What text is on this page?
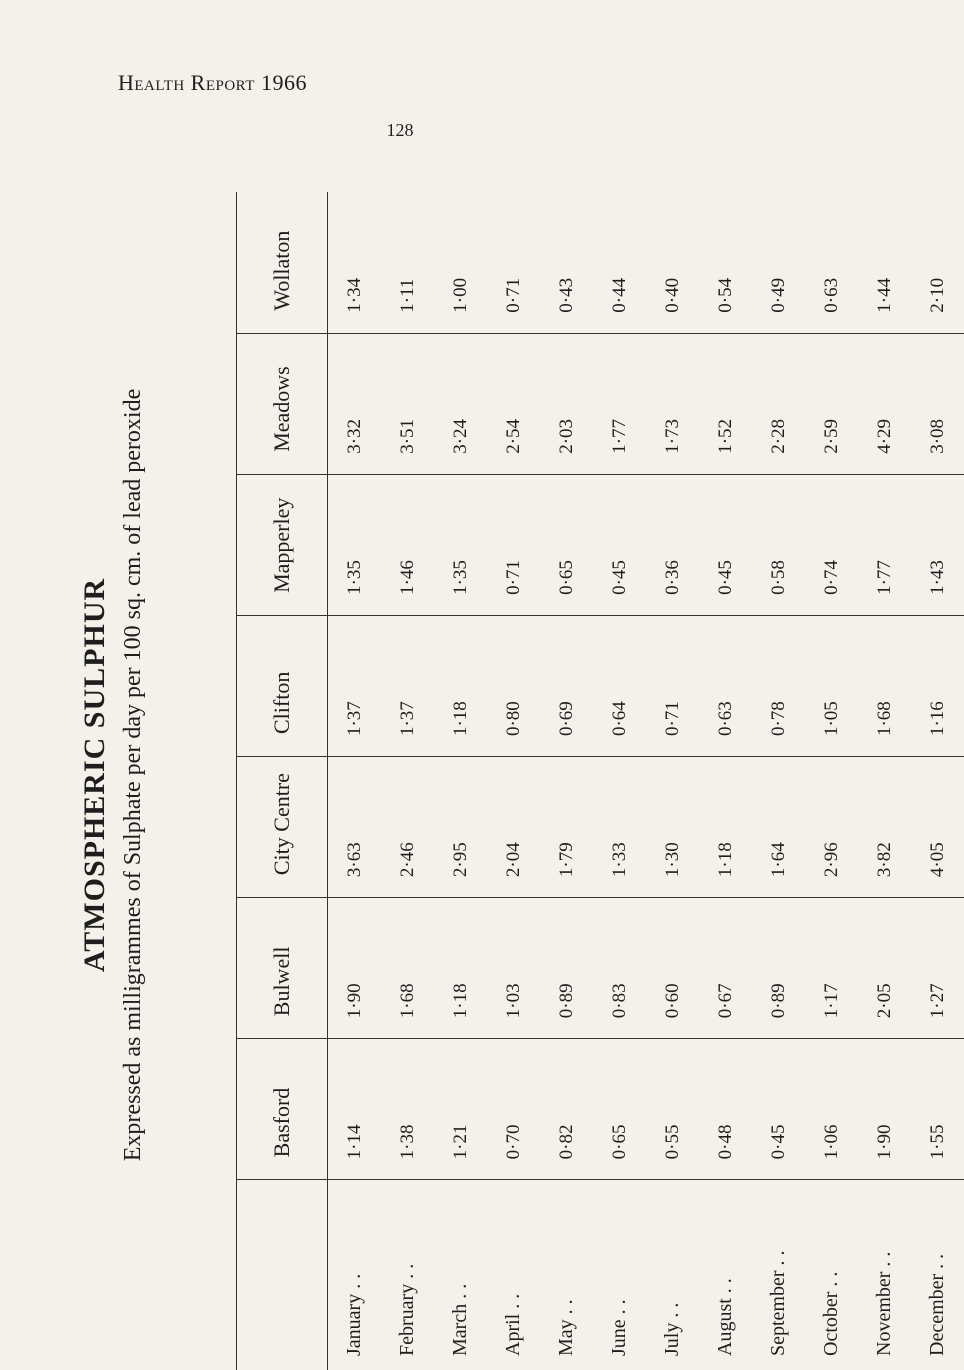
Health Report 1966
128
ATMOSPHERIC SULPHUR Expressed as milligrammes of Sulphate per day per 100 sq. cm. of lead peroxide
		Basford	Bulwell	City Centre	Clifton	Mapperley	Meadows	Wollaton
January . .	1·14	1·90	3·63	1·37	1·35	3·32	1·34
February . .	1·38	1·68	2·46	1·37	1·46	3·51	1·11
March . .	1·21	1·18	2·95	1·18	1·35	3·24	1·00
April . .	0·70	1·03	2·04	0·80	0·71	2·54	0·71
May . .	0·82	0·89	1·79	0·69	0·65	2·03	0·43
June . .	0·65	0·83	1·33	0·64	0·45	1·77	0·44
July . .	0·55	0·60	1·30	0·71	0·36	1·73	0·40
August . .	0·48	0·67	1·18	0·63	0·45	1·52	0·54
September . .	0·45	0·89	1·64	0·78	0·58	2·28	0·49
October . .	1·06	1·17	2·96	1·05	0·74	2·59	0·63
November . .	1·90	2·05	3·82	1·68	1·77	4·29	1·44
December . .	1·55	1·27	4·05	1·16	1·43	3·08	2·10
